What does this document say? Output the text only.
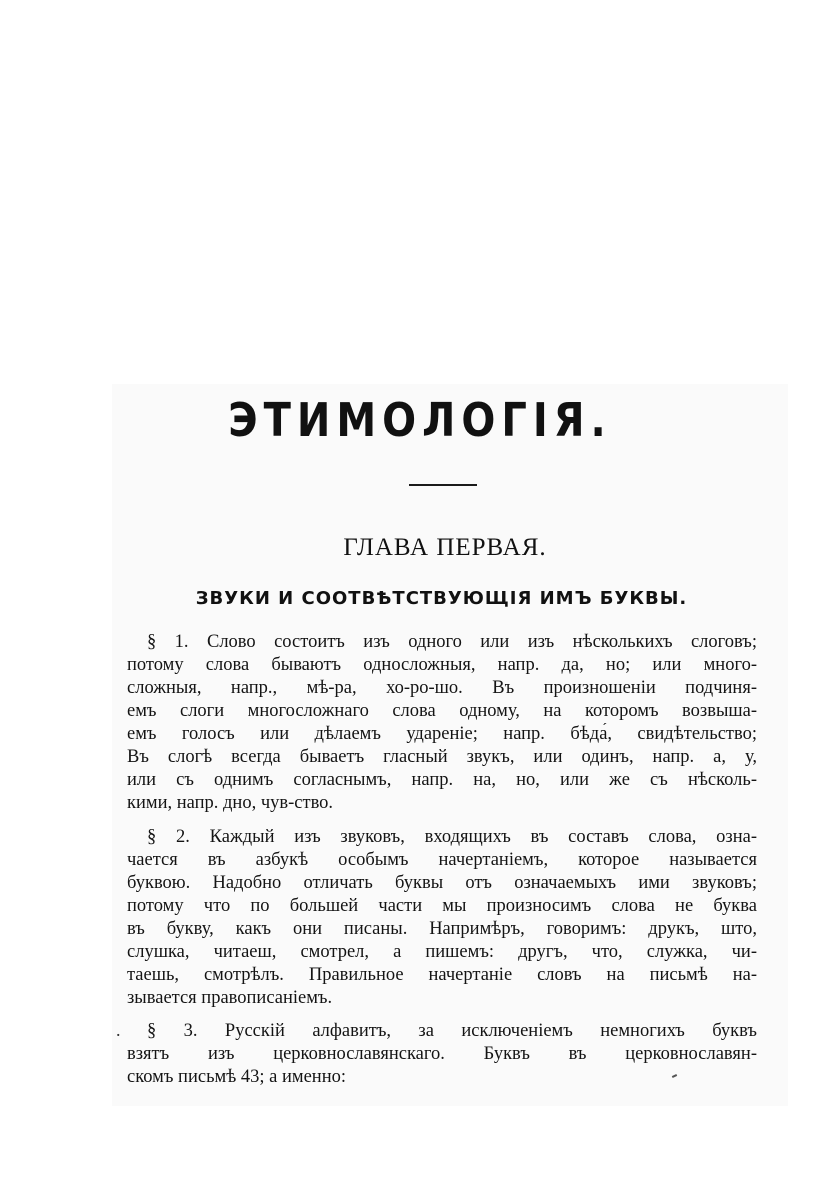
ЭТИМОЛОГІЯ.
ГЛАВА ПЕРВАЯ.
ЗВУКИ И СООТВѢТСТВУЮЩІЯ ИМЪ БУКВЫ.
§ 1. Слово состоитъ изъ одного или изъ нѣсколькихъ слоговъ;
потому слова бываютъ односложныя, напр. да, но; или много-
сложныя, напр., мѣ-ра, хо-ро-шо. Въ произношеніи подчиня-
емъ слоги многосложнаго слова одному, на которомъ возвыша-
емъ голосъ или дѣлаемъ удареніе; напр. бѣда́, свидѣтельство;
Въ слогѣ всегда бываетъ гласный звукъ, или одинъ, напр. а, у,
или съ однимъ согласнымъ, напр. на, но, или же съ нѣсколь-
кими, напр. дно, чув-ство.
§ 2. Каждый изъ звуковъ, входящихъ въ составъ слова, озна-
чается въ азбукѣ особымъ начертаніемъ, которое называется
буквою. Надобно отличать буквы отъ означаемыхъ ими звуковъ;
потому что по большей части мы произносимъ слова не буква
въ букву, какъ они писаны. Напримѣръ, говоримъ: друкъ, што,
слушка, читаеш, смотрел, а пишемъ: другъ, что, служка, чи-
таешь, смотрѣлъ. Правильное начертаніе словъ на письмѣ на-
зывается правописаніемъ.
.	§ 3. Русскій алфавитъ, за исключеніемъ немногихъ буквъ
взятъ изъ церковнославянскаго. Буквъ въ церковнославян-
скомъ письмѣ 43; а именно:
